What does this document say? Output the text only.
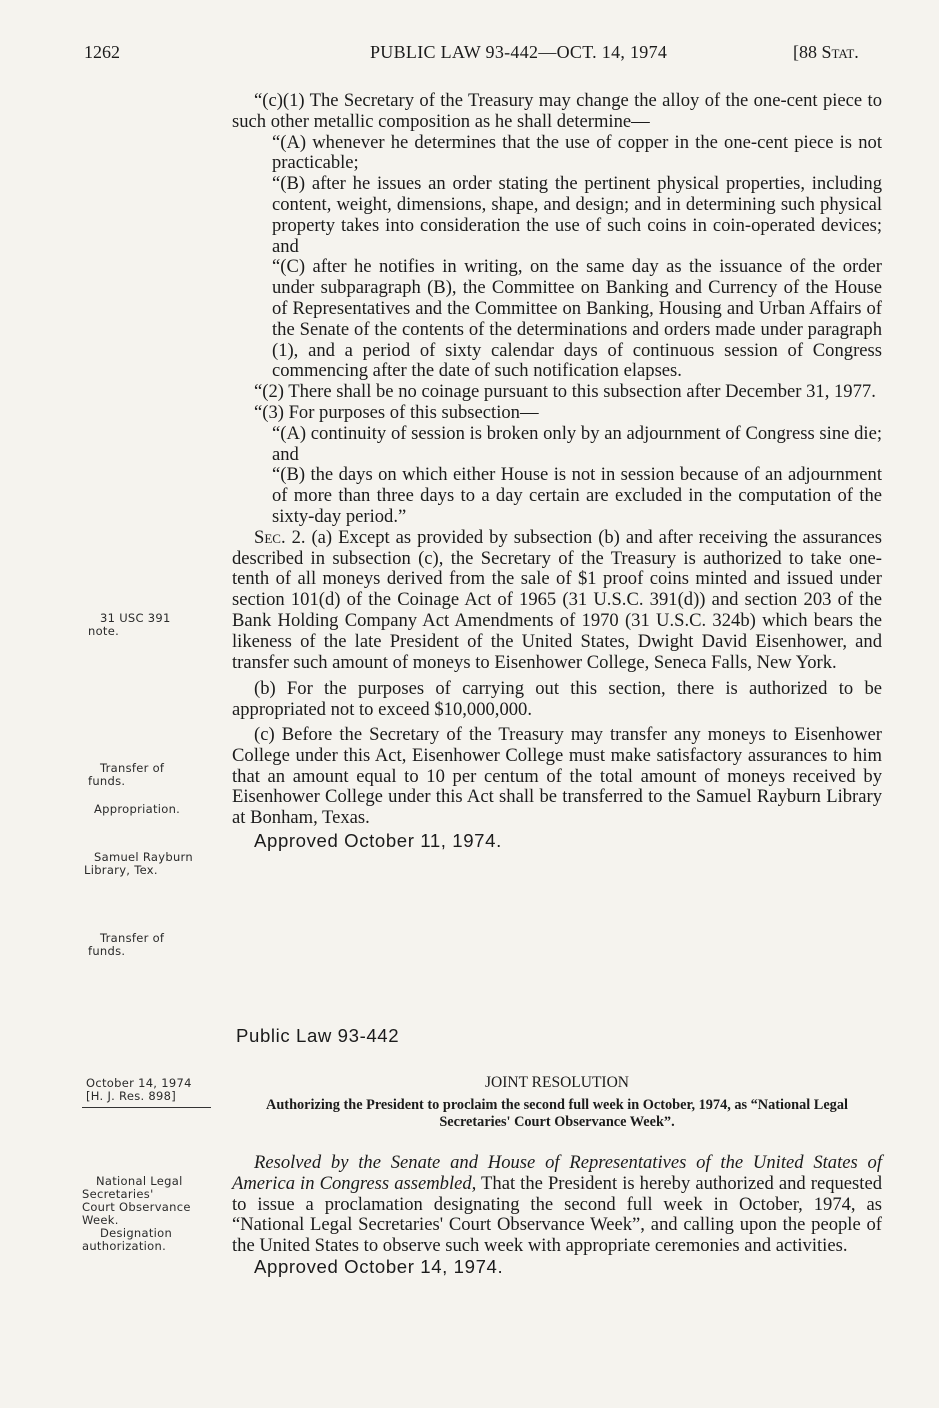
1262	PUBLIC LAW 93-442—OCT. 14, 1974	[88 Stat.

“(c)(1) The Secretary of the Treasury may change the alloy of the one-cent piece to such other metallic composition as he shall determine—

“(A) whenever he determines that the use of copper in the one-cent piece is not practicable;

“(B) after he issues an order stating the pertinent physical properties, including content, weight, dimensions, shape, and design; and in determining such physical property takes into consideration the use of such coins in coin-operated devices; and

“(C) after he notifies in writing, on the same day as the issuance of the order under subparagraph (B), the Committee on Banking and Currency of the House of Representatives and the Committee on Banking, Housing and Urban Affairs of the Senate of the contents of the determinations and orders made under paragraph (1), and a period of sixty calendar days of continuous session of Congress commencing after the date of such notification elapses.

“(2) There shall be no coinage pursuant to this subsection after December 31, 1977.

“(3) For purposes of this subsection—

“(A) continuity of session is broken only by an adjournment of Congress sine die; and

“(B) the days on which either House is not in session because of an adjournment of more than three days to a day certain are excluded in the computation of the sixty-day period.”

Sec. 2. (a) Except as provided by subsection (b) and after receiving the assurances described in subsection (c), the Secretary of the Treasury is authorized to take one-tenth of all moneys derived from the sale of $1 proof coins minted and issued under section 101(d) of the Coinage Act of 1965 (31 U.S.C. 391(d)) and section 203 of the Bank Holding Company Act Amendments of 1970 (31 U.S.C. 324b) which bears the likeness of the late President of the United States, Dwight David Eisenhower, and transfer such amount of moneys to Eisenhower College, Seneca Falls, New York.

(b) For the purposes of carrying out this section, there is authorized to be appropriated not to exceed $10,000,000.

(c) Before the Secretary of the Treasury may transfer any moneys to Eisenhower College under this Act, Eisenhower College must make satisfactory assurances to him that an amount equal to 10 per centum of the total amount of moneys received by Eisenhower College under this Act shall be transferred to the Samuel Rayburn Library at Bonham, Texas.

Approved October 11, 1974.

31 USC 391
note.
Transfer of
funds.
Appropriation.
Samuel Rayburn
Library, Tex.
Transfer of
funds.
Public Law 93-442
October 14, 1974
[H. J. Res. 898]
JOINT RESOLUTION
Authorizing the President to proclaim the second full week in October, 1974, as “National Legal Secretaries' Court Observance Week”.
National Legal
Secretaries'
Court Observance
Week.
Designation
authorization.

Resolved by the Senate and House of Representatives of the United States of America in Congress assembled, That the President is hereby authorized and requested to issue a proclamation designating the second full week in October, 1974, as “National Legal Secretaries' Court Observance Week”, and calling upon the people of the United States to observe such week with appropriate ceremonies and activities.

Approved October 14, 1974.
